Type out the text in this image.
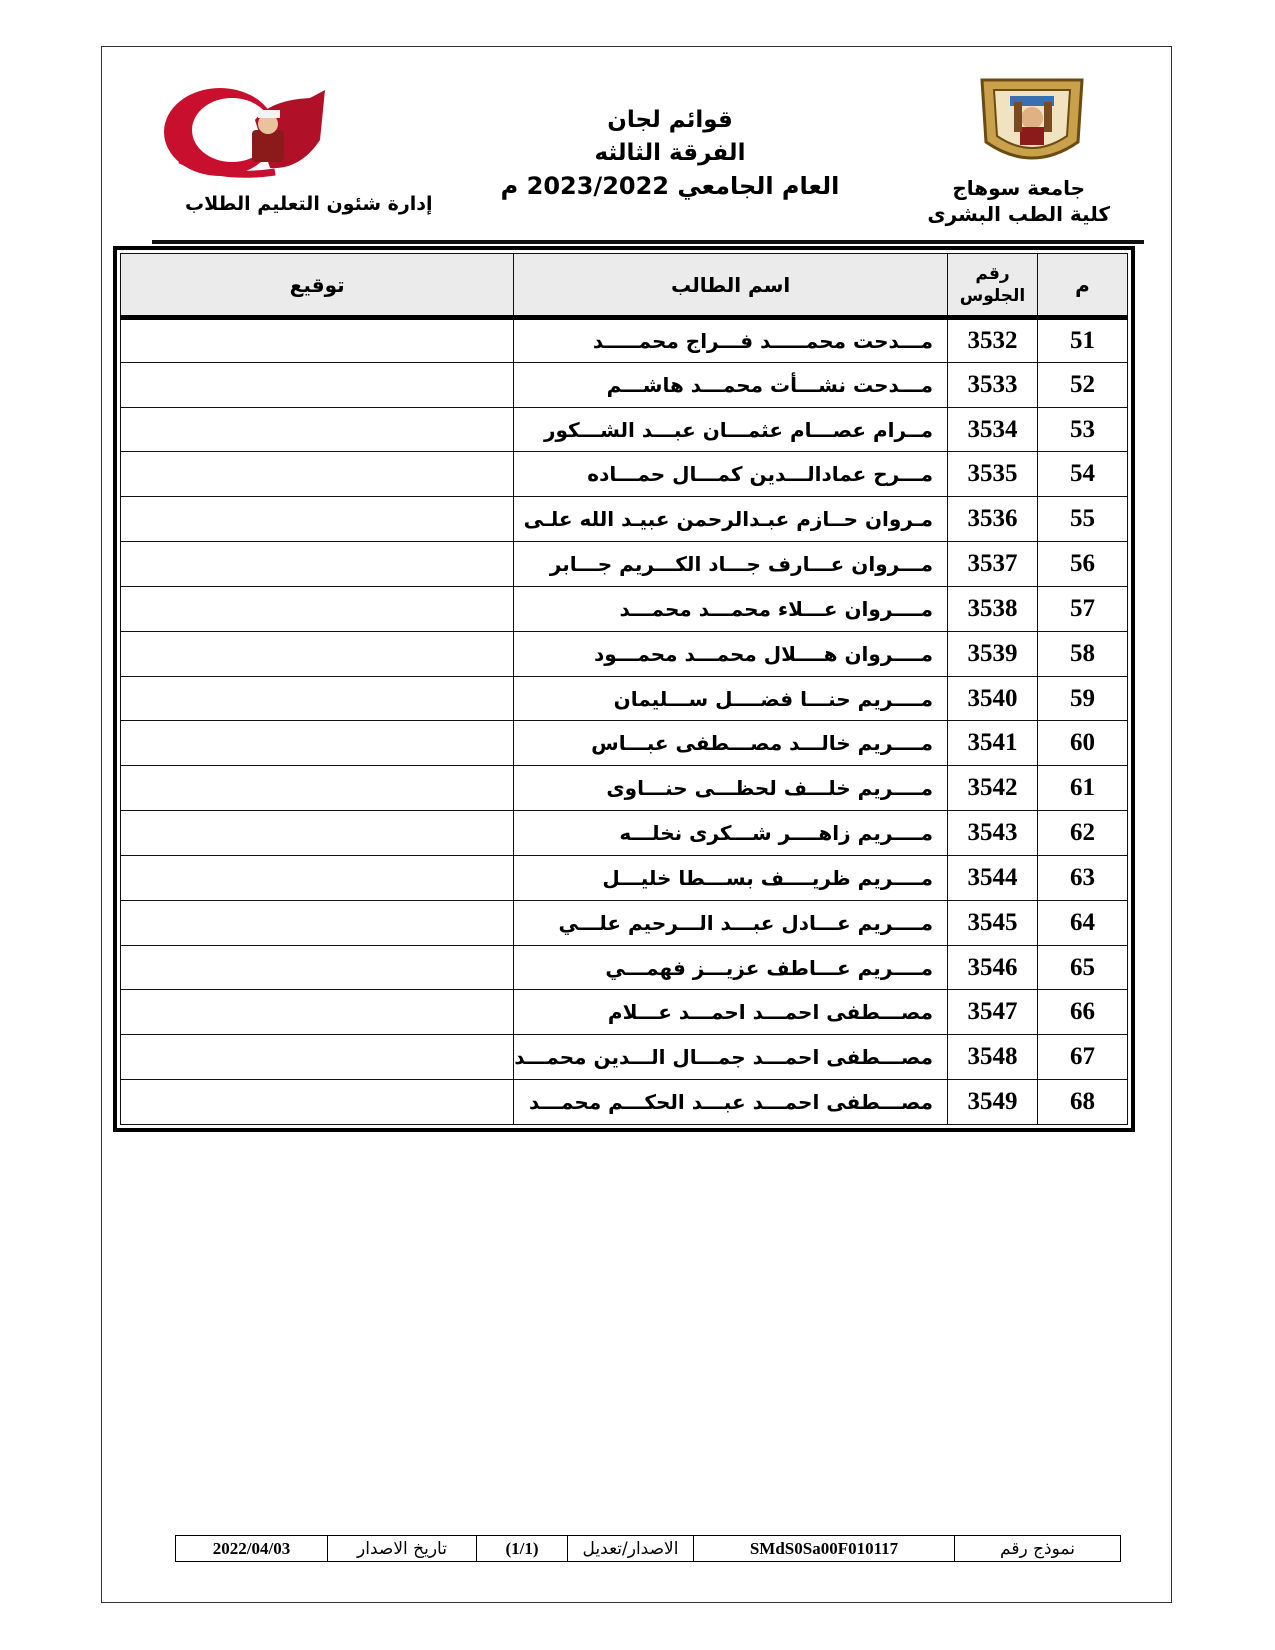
قوائم لجان
الفرقة الثالثه
العام الجامعي 2023/2022 م
إدارة شئون التعليم الطلاب
جامعة سوهاج
كلية الطب البشرى
م	رقم الجلوس	اسم الطالب	توقيع
51	3532	مـــدحت محمـــــد فـــراج محمـــــد	
52	3533	مـــدحت نشـــأت محمـــد هاشـــم	
53	3534	مــرام عصـــام عثمـــان عبـــد الشـــكور	
54	3535	مـــرح عمادالـــدين كمـــال حمـــاده	
55	3536	مـروان حــازم عبـدالرحمن عبيـد الله علـى	
56	3537	مـــروان عـــارف جـــاد الكـــريم جـــابر	
57	3538	مــــروان عـــلاء محمـــد محمـــد	
58	3539	مــــروان هــــلال محمـــد محمـــود	
59	3540	مــــريم حنـــا فضــــل ســـليمان	
60	3541	مــــريم خالـــد مصـــطفى عبـــاس	
61	3542	مــــريم خلـــف لحظـــى حنـــاوى	
62	3543	مــــريم زاهــــر شـــكرى نخلـــه	
63	3544	مــــريم ظريــــف بســـطا خليـــل	
64	3545	مــــريم عـــادل عبـــد الـــرحيم علـــي	
65	3546	مــــريم عـــاطف عزيـــز فهمـــي	
66	3547	مصـــطفى احمـــد احمـــد عـــلام	
67	3548	مصـــطفى احمـــد جمـــال الـــدين محمـــد	
68	3549	مصـــطفى احمـــد عبـــد الحكـــم محمـــد	
نموذج رقم
SMdS0Sa00F010117
الاصدار/تعديل
(1/1)
تاريخ الاصدار
2022/04/03
